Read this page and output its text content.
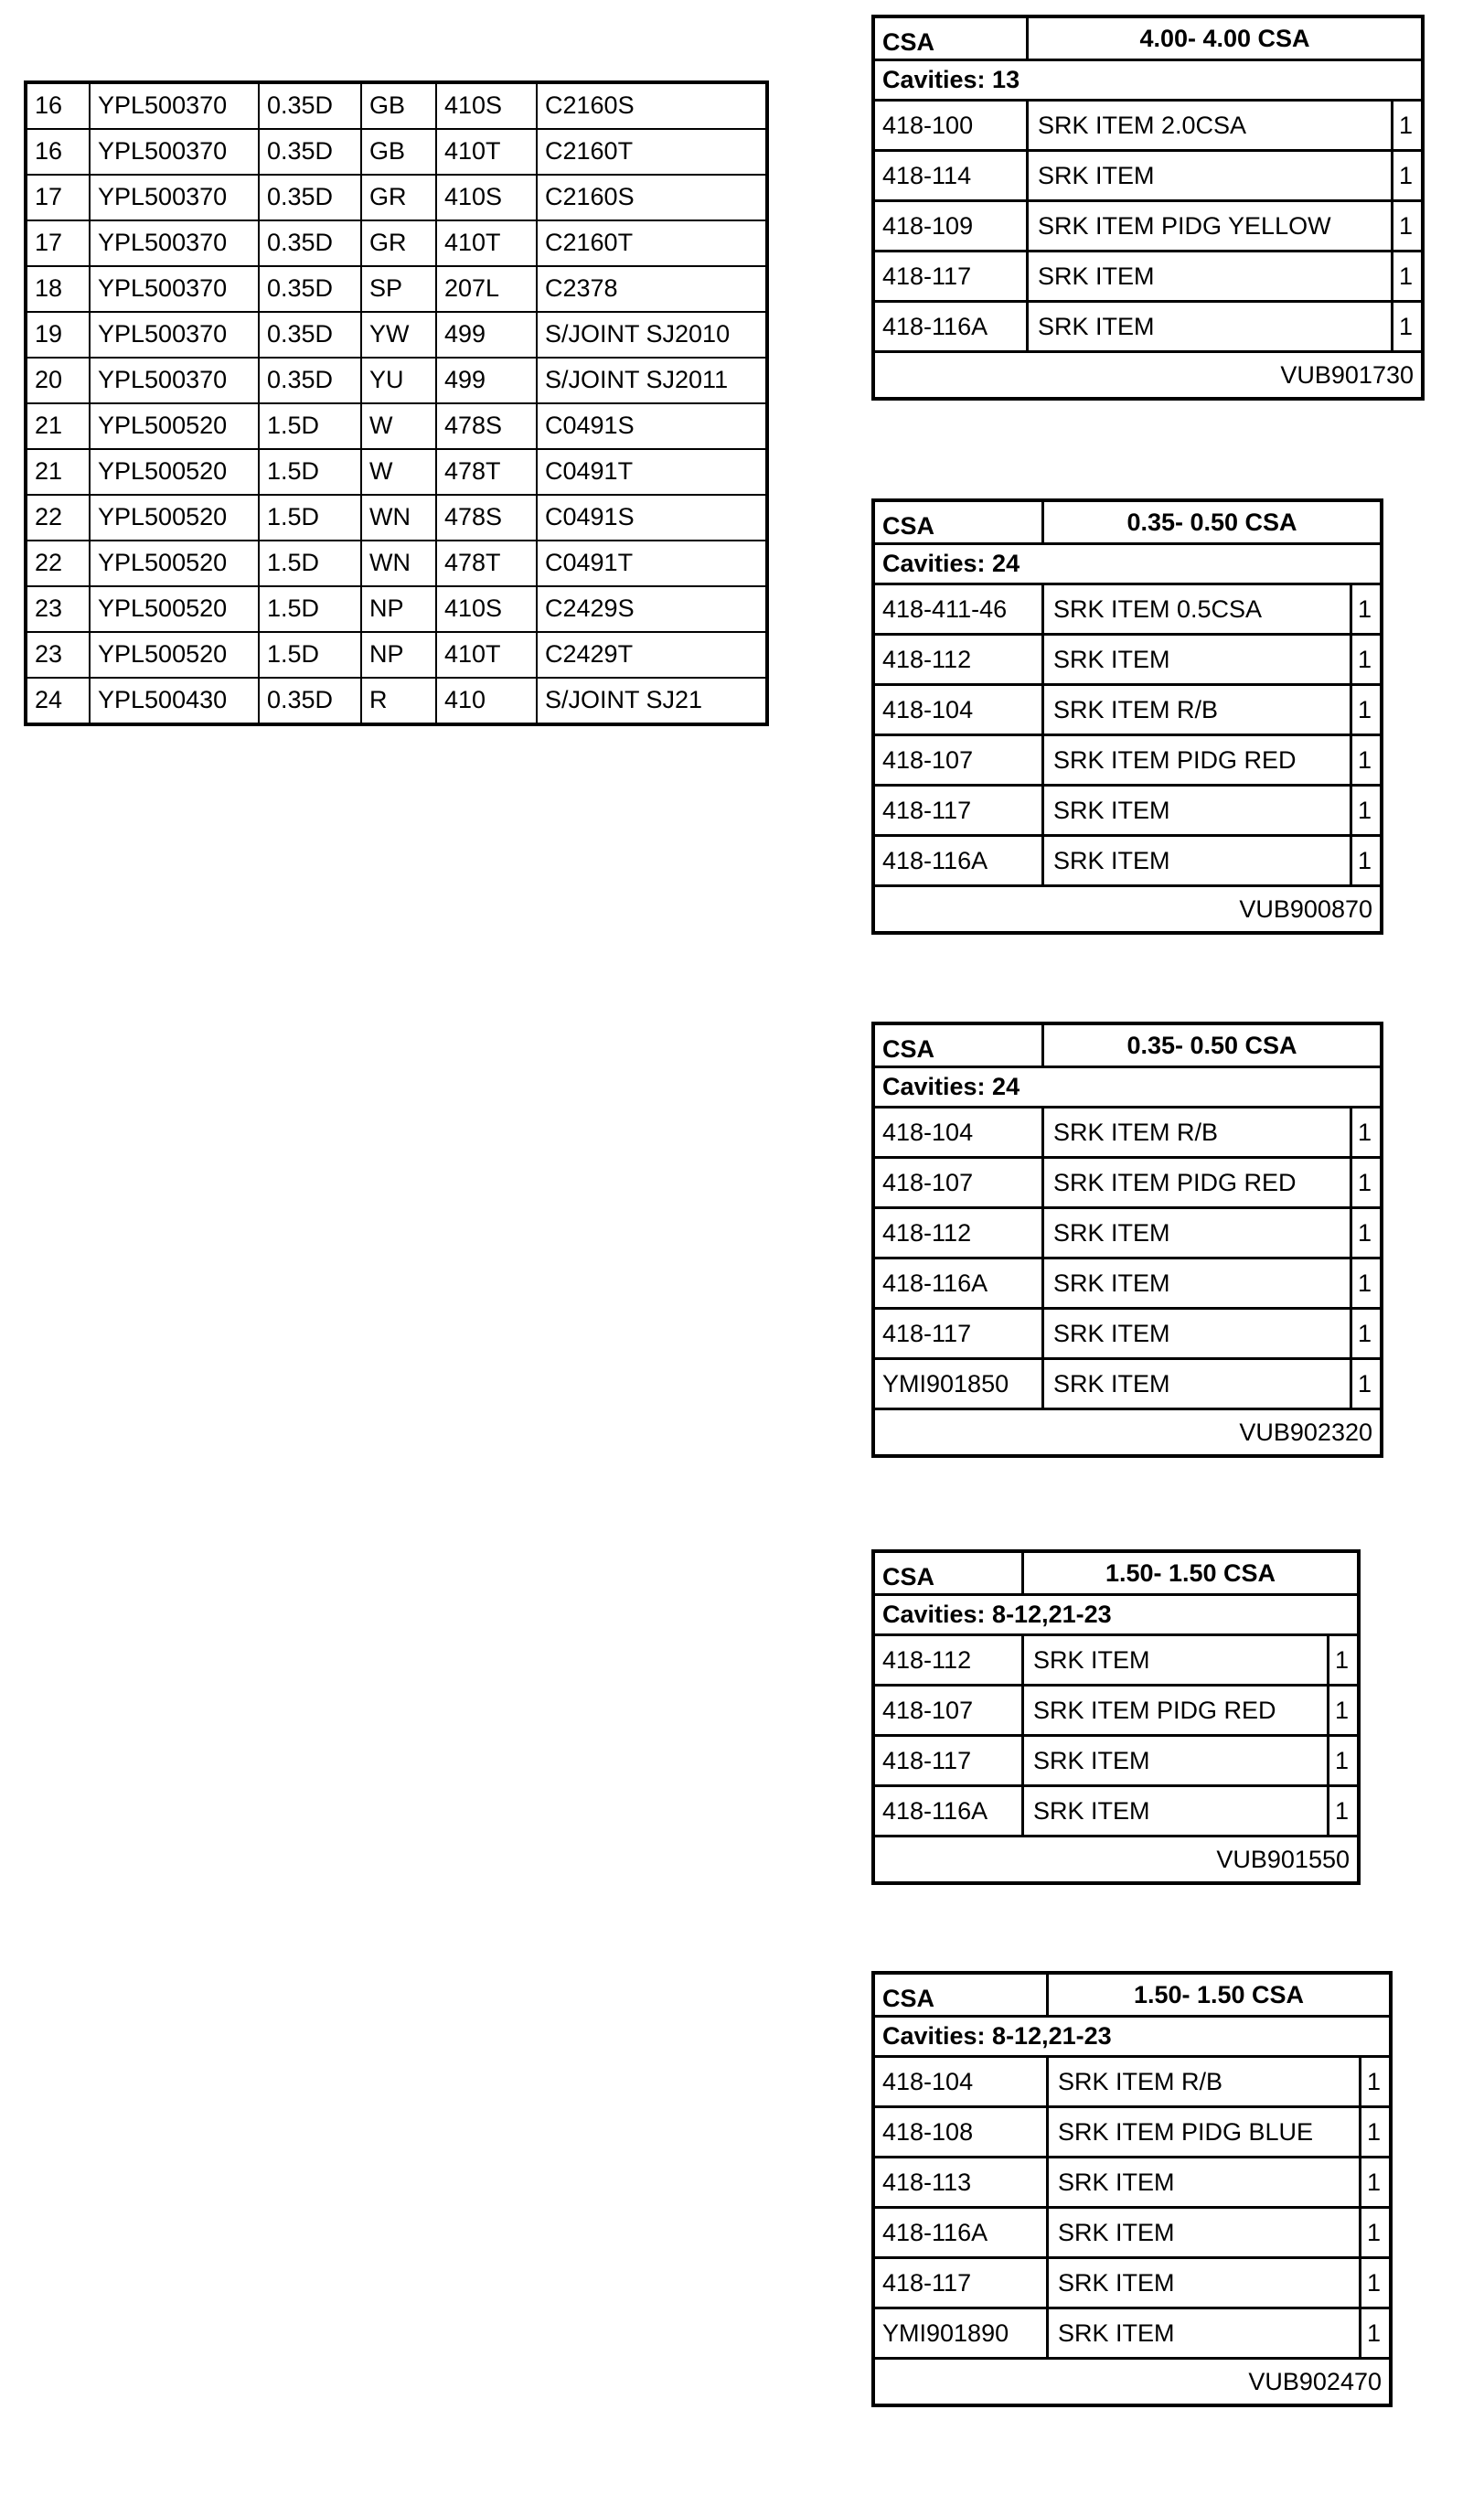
16	YPL500370	0.35D	GB	410S	C2160S
16	YPL500370	0.35D	GB	410T	C2160T
17	YPL500370	0.35D	GR	410S	C2160S
17	YPL500370	0.35D	GR	410T	C2160T
18	YPL500370	0.35D	SP	207L	C2378
19	YPL500370	0.35D	YW	499	S/JOINT SJ2010
20	YPL500370	0.35D	YU	499	S/JOINT SJ2011
21	YPL500520	1.5D	W	478S	C0491S
21	YPL500520	1.5D	W	478T	C0491T
22	YPL500520	1.5D	WN	478S	C0491S
22	YPL500520	1.5D	WN	478T	C0491T
23	YPL500520	1.5D	NP	410S	C2429S
23	YPL500520	1.5D	NP	410T	C2429T
24	YPL500430	0.35D	R	410	S/JOINT SJ21
CSA	4.00- 4.00 CSA
Cavities: 13
418-100	SRK ITEM 2.0CSA	1
418-114	SRK ITEM	1
418-109	SRK ITEM PIDG YELLOW	1
418-117	SRK ITEM	1
418-116A	SRK ITEM	1
VUB901730
CSA	0.35- 0.50 CSA
Cavities: 24
418-411-46	SRK ITEM 0.5CSA	1
418-112	SRK ITEM	1
418-104	SRK ITEM R/B	1
418-107	SRK ITEM PIDG RED	1
418-117	SRK ITEM	1
418-116A	SRK ITEM	1
VUB900870
CSA	0.35- 0.50 CSA
Cavities: 24
418-104	SRK ITEM R/B	1
418-107	SRK ITEM PIDG RED	1
418-112	SRK ITEM	1
418-116A	SRK ITEM	1
418-117	SRK ITEM	1
YMI901850	SRK ITEM	1
VUB902320
CSA	1.50- 1.50 CSA
Cavities: 8-12,21-23
418-112	SRK ITEM	1
418-107	SRK ITEM PIDG RED	1
418-117	SRK ITEM	1
418-116A	SRK ITEM	1
VUB901550
CSA	1.50- 1.50 CSA
Cavities: 8-12,21-23
418-104	SRK ITEM R/B	1
418-108	SRK ITEM PIDG BLUE	1
418-113	SRK ITEM	1
418-116A	SRK ITEM	1
418-117	SRK ITEM	1
YMI901890	SRK ITEM	1
VUB902470
